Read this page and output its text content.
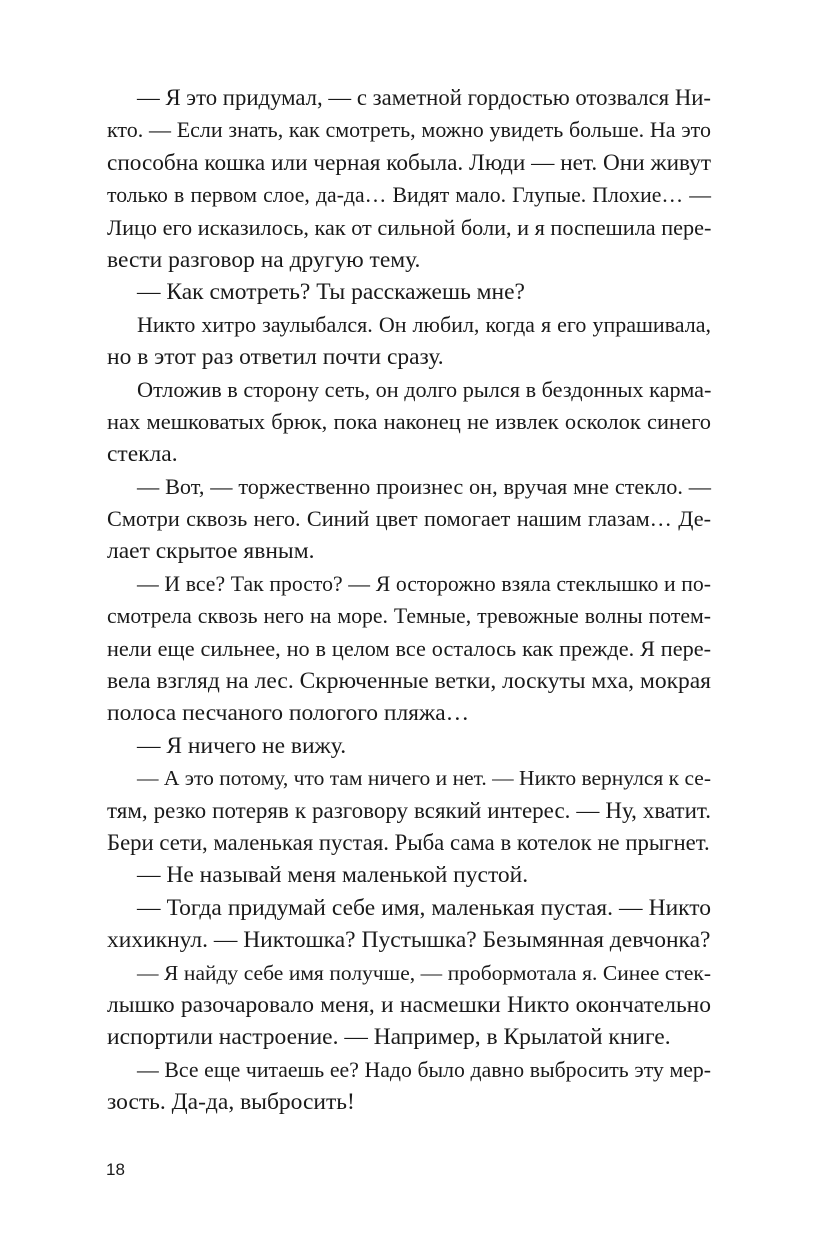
— Я это придумал, — с заметной гордостью отозвался Ни-
кто. — Если знать, как смотреть, можно увидеть больше. На это
способна кошка или черная кобыла. Люди — нет. Они живут
только в первом слое, да-да… Видят мало. Глупые. Плохие… —
Лицо его исказилось, как от сильной боли, и я поспешила пере-
вести разговор на другую тему.
— Как смотреть? Ты расскажешь мне?
Никто хитро заулыбался. Он любил, когда я его упрашивала,
но в этот раз ответил почти сразу.
Отложив в сторону сеть, он долго рылся в бездонных карма-
нах мешковатых брюк, пока наконец не извлек осколок синего
стекла.
— Вот, — торжественно произнес он, вручая мне стекло. —
Смотри сквозь него. Синий цвет помогает нашим глазам… Де-
лает скрытое явным.
— И все? Так просто? — Я осторожно взяла стеклышко и по-
смотрела сквозь него на море. Темные, тревожные волны потем-
нели еще сильнее, но в целом все осталось как прежде. Я пере-
вела взгляд на лес. Скрюченные ветки, лоскуты мха, мокрая
полоса песчаного пологого пляжа…
— Я ничего не вижу.
— А это потому, что там ничего и нет. — Никто вернулся к се-
тям, резко потеряв к разговору всякий интерес. — Ну, хватит.
Бери сети, маленькая пустая. Рыба сама в котелок не прыгнет.
— Не называй меня маленькой пустой.
— Тогда придумай себе имя, маленькая пустая. — Никто
хихикнул. — Никтошка? Пустышка? Безымянная девчонка?
— Я найду себе имя получше, — пробормотала я. Синее стек-
лышко разочаровало меня, и насмешки Никто окончательно
испортили настроение. — Например, в Крылатой книге.
— Все еще читаешь ее? Надо было давно выбросить эту мер-
зость. Да-да, выбросить!
18
